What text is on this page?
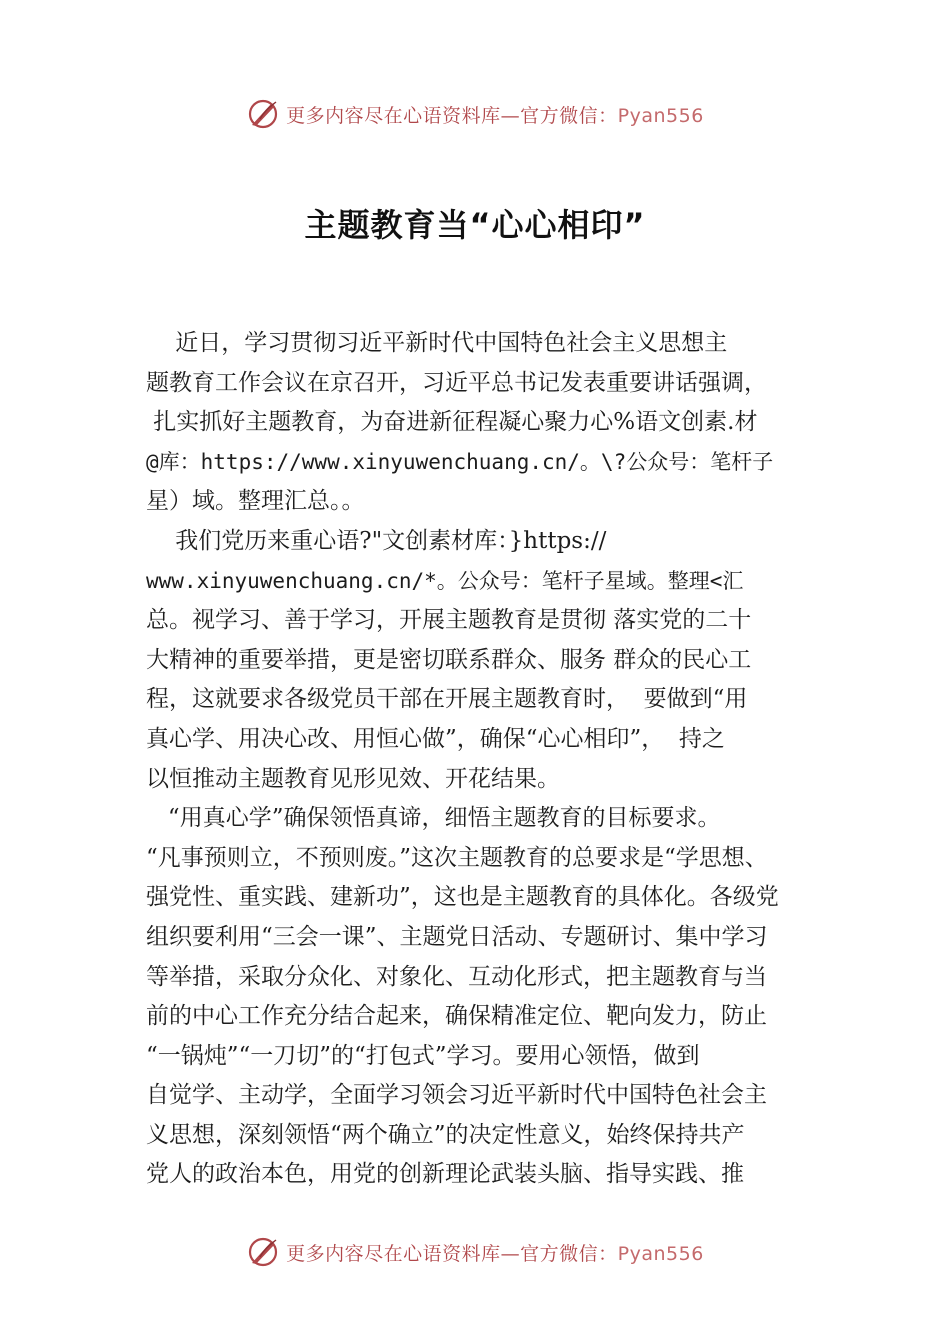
更多内容尽在心语资料库—官方微信：Pyan556
主题教育当“心心相印”
近日，学习贯彻习近平新时代中国特色社会主义思想主
题教育工作会议在京召开，习近平总书记发表重要讲话强调，
扎实抓好主题教育，为奋进新征程凝心聚力心%语文创素.材
@库：https://www.xinyuwenchuang.cn/。\?公众号：笔杆子
星）域。整理汇总。。
我们党历来重心语?"文创素材库：}https://
www.xinyuwenchuang.cn/*。公众号：笔杆子星域。整理<汇
总。视学习、善于学习，开展主题教育是贯彻 落实党的二十
大精神的重要举措，更是密切联系群众、服务 群众的民心工
程，这就要求各级党员干部在开展主题教育时，  要做到“用
真心学、用决心改、用恒心做”，确保“心心相印”，  持之
以恒推动主题教育见形见效、开花结果。
“用真心学”确保领悟真谛，细悟主题教育的目标要求。
“凡事预则立，不预则废。”这次主题教育的总要求是“学思想、
强党性、重实践、建新功”，这也是主题教育的具体化。各级党
组织要利用“三会一课”、主题党日活动、专题研讨、集中学习
等举措，采取分众化、对象化、互动化形式，把主题教育与当
前的中心工作充分结合起来，确保精准定位、靶向发力，防止
“一锅炖”“一刀切”的“打包式”学习。要用心领悟，做到
自觉学、主动学，全面学习领会习近平新时代中国特色社会主
义思想，深刻领悟“两个确立”的决定性意义，始终保持共产
党人的政治本色，用党的创新理论武装头脑、指导实践、推
更多内容尽在心语资料库—官方微信：Pyan556
